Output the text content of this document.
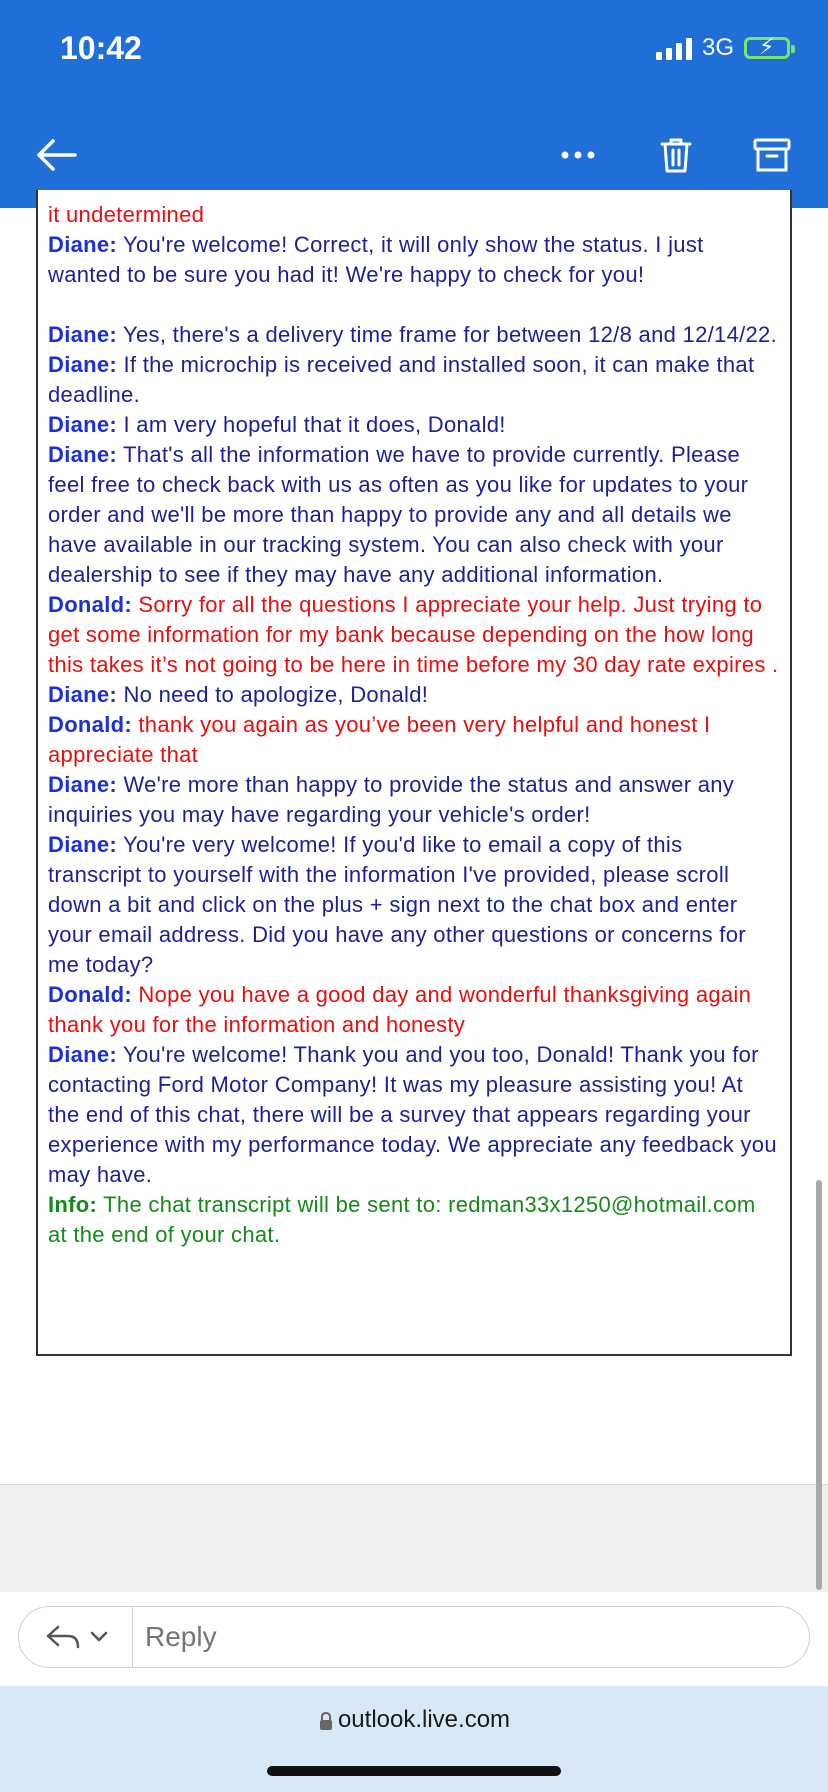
10:42	3G ⚡

it undetermined

Diane: You're welcome! Correct, it will only show the status. I just wanted to be sure you had it! We're happy to check for you!

Diane: Yes, there's a delivery time frame for between 12/8 and 12/14/22.

Diane: If the microchip is received and installed soon, it can make that deadline.

Diane: I am very hopeful that it does, Donald!

Diane: That's all the information we have to provide currently. Please feel free to check back with us as often as you like for updates to your order and we'll be more than happy to provide any and all details we have available in our tracking system. You can also check with your dealership to see if they may have any additional information.

Donald: Sorry for all the questions I appreciate your help. Just trying to get some information for my bank because depending on the how long this takes it’s not going to be here in time before my 30 day rate expires .

Diane: No need to apologize, Donald!

Donald: thank you again as you’ve been very helpful and honest I appreciate that

Diane: We're more than happy to provide the status and answer any inquiries you may have regarding your vehicle's order!

Diane: You're very welcome! If you'd like to email a copy of this transcript to yourself with the information I've provided, please scroll down a bit and click on the plus + sign next to the chat box and enter your email address. Did you have any other questions or concerns for me today?

Donald: Nope you have a good day and wonderful thanksgiving again thank you for the information and honesty

Diane: You're welcome! Thank you and you too, Donald! Thank you for contacting Ford Motor Company! It was my pleasure assisting you! At the end of this chat, there will be a survey that appears regarding your experience with my performance today. We appreciate any feedback you may have.

Info: The chat transcript will be sent to: redman33x1250@hotmail.com at the end of your chat.

Reply
outlook.live.com
